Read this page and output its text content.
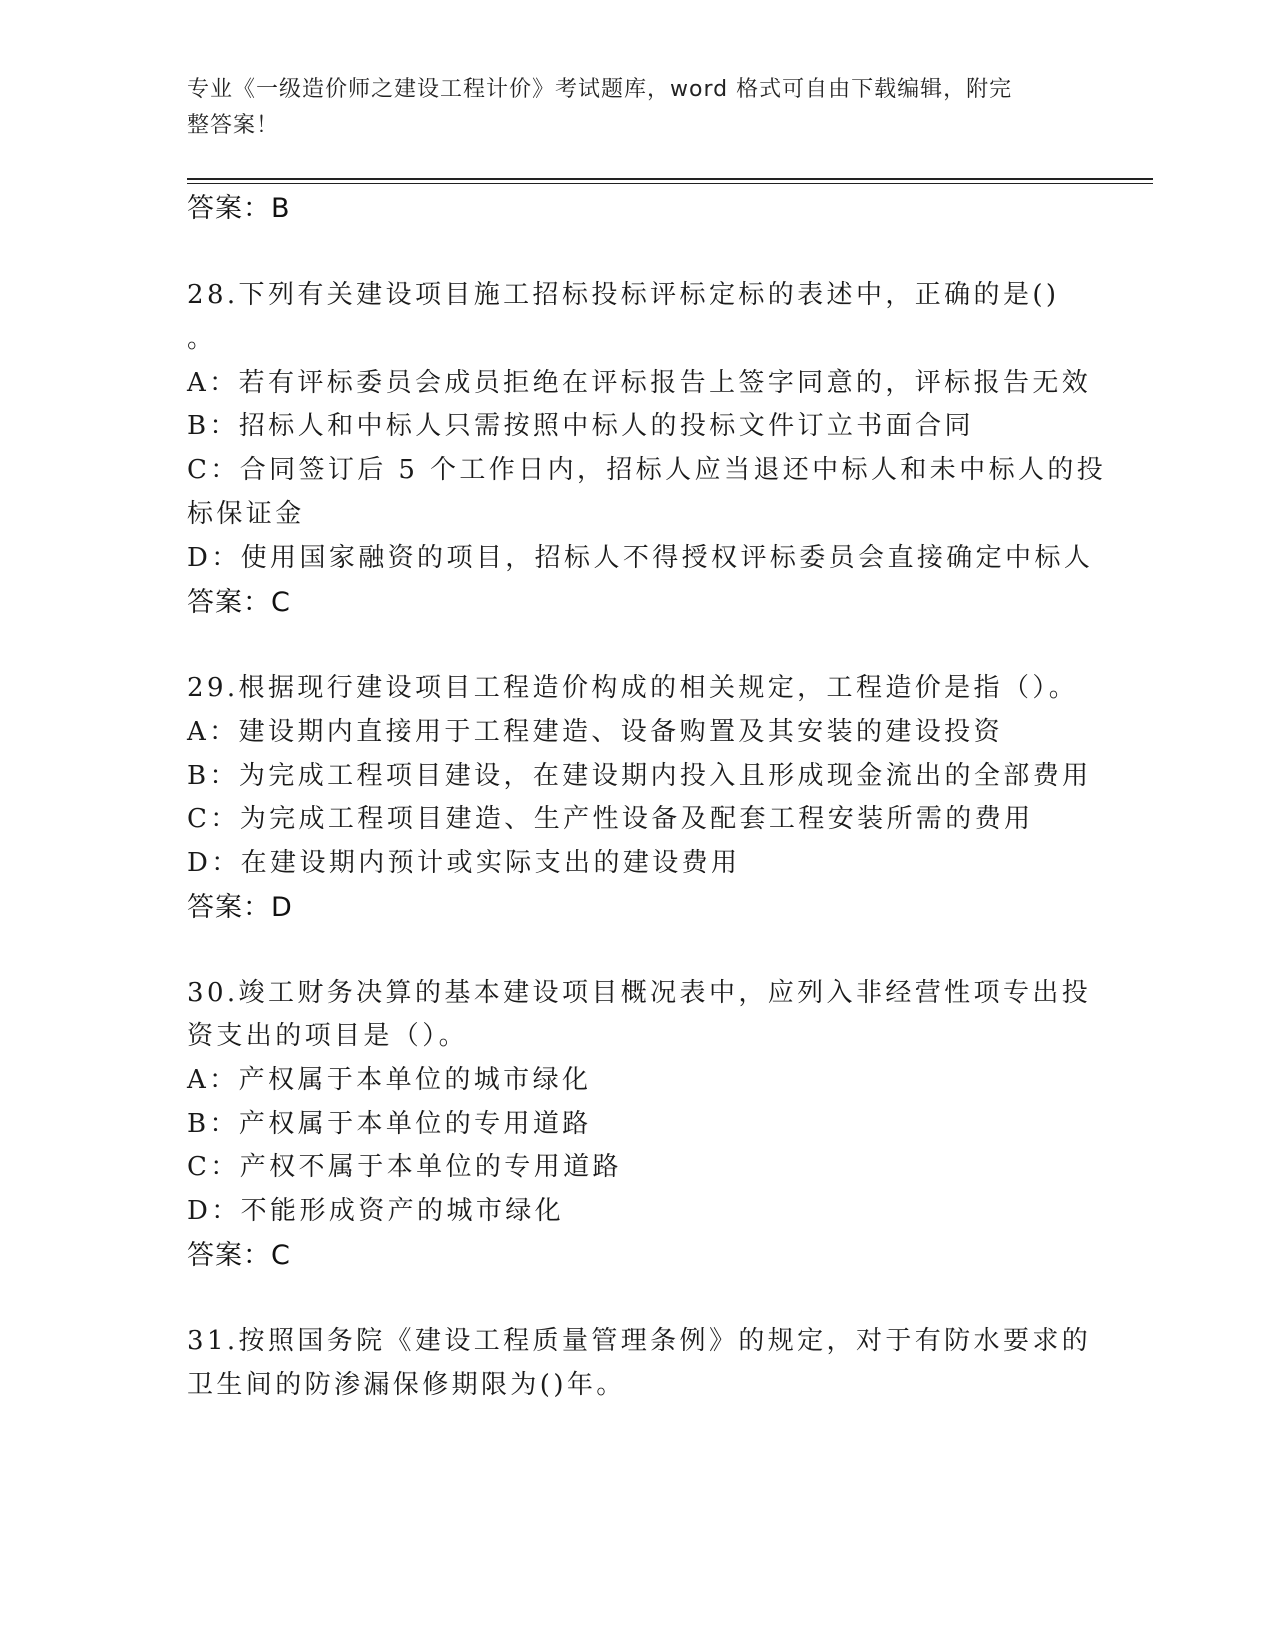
专业《一级造价师之建设工程计价》考试题库，word 格式可自由下载编辑，附完
整答案！
答案：B
28.下列有关建设项目施工招标投标评标定标的表述中，正确的是()
。
A：若有评标委员会成员拒绝在评标报告上签字同意的，评标报告无效
B：招标人和中标人只需按照中标人的投标文件订立书面合同
C：合同签订后 5 个工作日内，招标人应当退还中标人和未中标人的投
标保证金
D：使用国家融资的项目，招标人不得授权评标委员会直接确定中标人
答案：C
29.根据现行建设项目工程造价构成的相关规定，工程造价是指（）。
A：建设期内直接用于工程建造、设备购置及其安装的建设投资
B：为完成工程项目建设，在建设期内投入且形成现金流出的全部费用
C：为完成工程项目建造、生产性设备及配套工程安装所需的费用
D：在建设期内预计或实际支出的建设费用
答案：D
30.竣工财务决算的基本建设项目概况表中，应列入非经营性项专出投
资支出的项目是（）。
A：产权属于本单位的城市绿化
B：产权属于本单位的专用道路
C：产权不属于本单位的专用道路
D：不能形成资产的城市绿化
答案：C
31.按照国务院《建设工程质量管理条例》的规定，对于有防水要求的
卫生间的防渗漏保修期限为()年。
